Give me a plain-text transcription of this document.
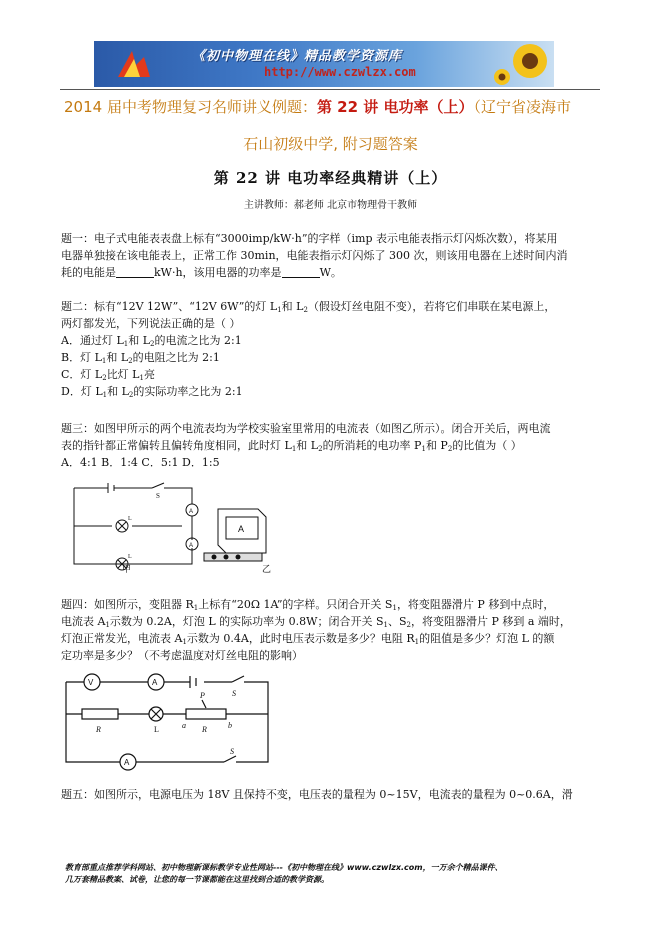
《初中物理在线》精品教学资源库
http://www.czwlzx.com
2014 届中考物理复习名师讲义例题：第 22 讲 电功率（上）（辽宁省凌海市
石山初级中学, 附习题答案
第 22 讲 电功率经典精讲（上）
主讲教师：郝老师 北京市物理骨干教师
题一：电子式电能表表盘上标有“3000imp/kW·h”的字样（imp 表示电能表指示灯闪烁次数），将某用
电器单独接在该电能表上，正常工作 30min，电能表指示灯闪烁了 300 次，则该用电器在上述时间内消
耗的电能是	kW·h，该用电器的功率是	W。
题二：标有“12V 12W”、“12V 6W”的灯 $L_1$和 $L_2$（假设灯丝电阻不变），若将它们串联在某电源上，
两灯都发光，下列说法正确的是（ ）
A．通过灯 $L_1$和 $L_2$的电流之比为 2:1
B．灯 $L_1$和 $L_2$的电阻之比为 2:1
C．灯 $L_2$比灯 $L_1$亮
D．灯 $L_1$和 $L_2$的实际功率之比为 2:1
题三：如图甲所示的两个电流表均为学校实验室里常用的电流表（如图乙所示）。闭合开关后，两电流
表的指针都正常偏转且偏转角度相同，此时灯 $L_1$和 $L_2$的所消耗的电功率 $P_1$和 $P_2$的比值为（ ）
A．4:1 B．1:4 C．5:1 D．1:5
S
A
A
L
L
甲
A
乙
题四：如图所示，变阻器 $R_1$上标有“20Ω 1A”的字样。只闭合开关 $S_1$，将变阻器滑片 P 移到中点时，
电流表 $A_1$示数为 0.2A，灯泡 L 的实际功率为 0.8W；闭合开关 $S_1$、$S_2$，将变阻器滑片 P 移到 a 端时，
灯泡正常发光，电流表 $A_1$示数为 0.4A，此时电压表示数是多少？电阻 $R_1$的阻值是多少？灯泡 L 的额
定功率是多少？（不考虑温度对灯丝电阻的影响）
V	A
A
S
S
R	L	R
P
a	b
题五：如图所示，电源电压为 18V 且保持不变，电压表的量程为 0~15V，电流表的量程为 0~0.6A，滑
教育部重点推荐学科网站、初中物理新课标教学专业性网站---《初中物理在线》www.czwlzx.com，一万余个精品课件、
几万套精品教案、试卷，让您的每一节课都能在这里找到合适的教学资源。
